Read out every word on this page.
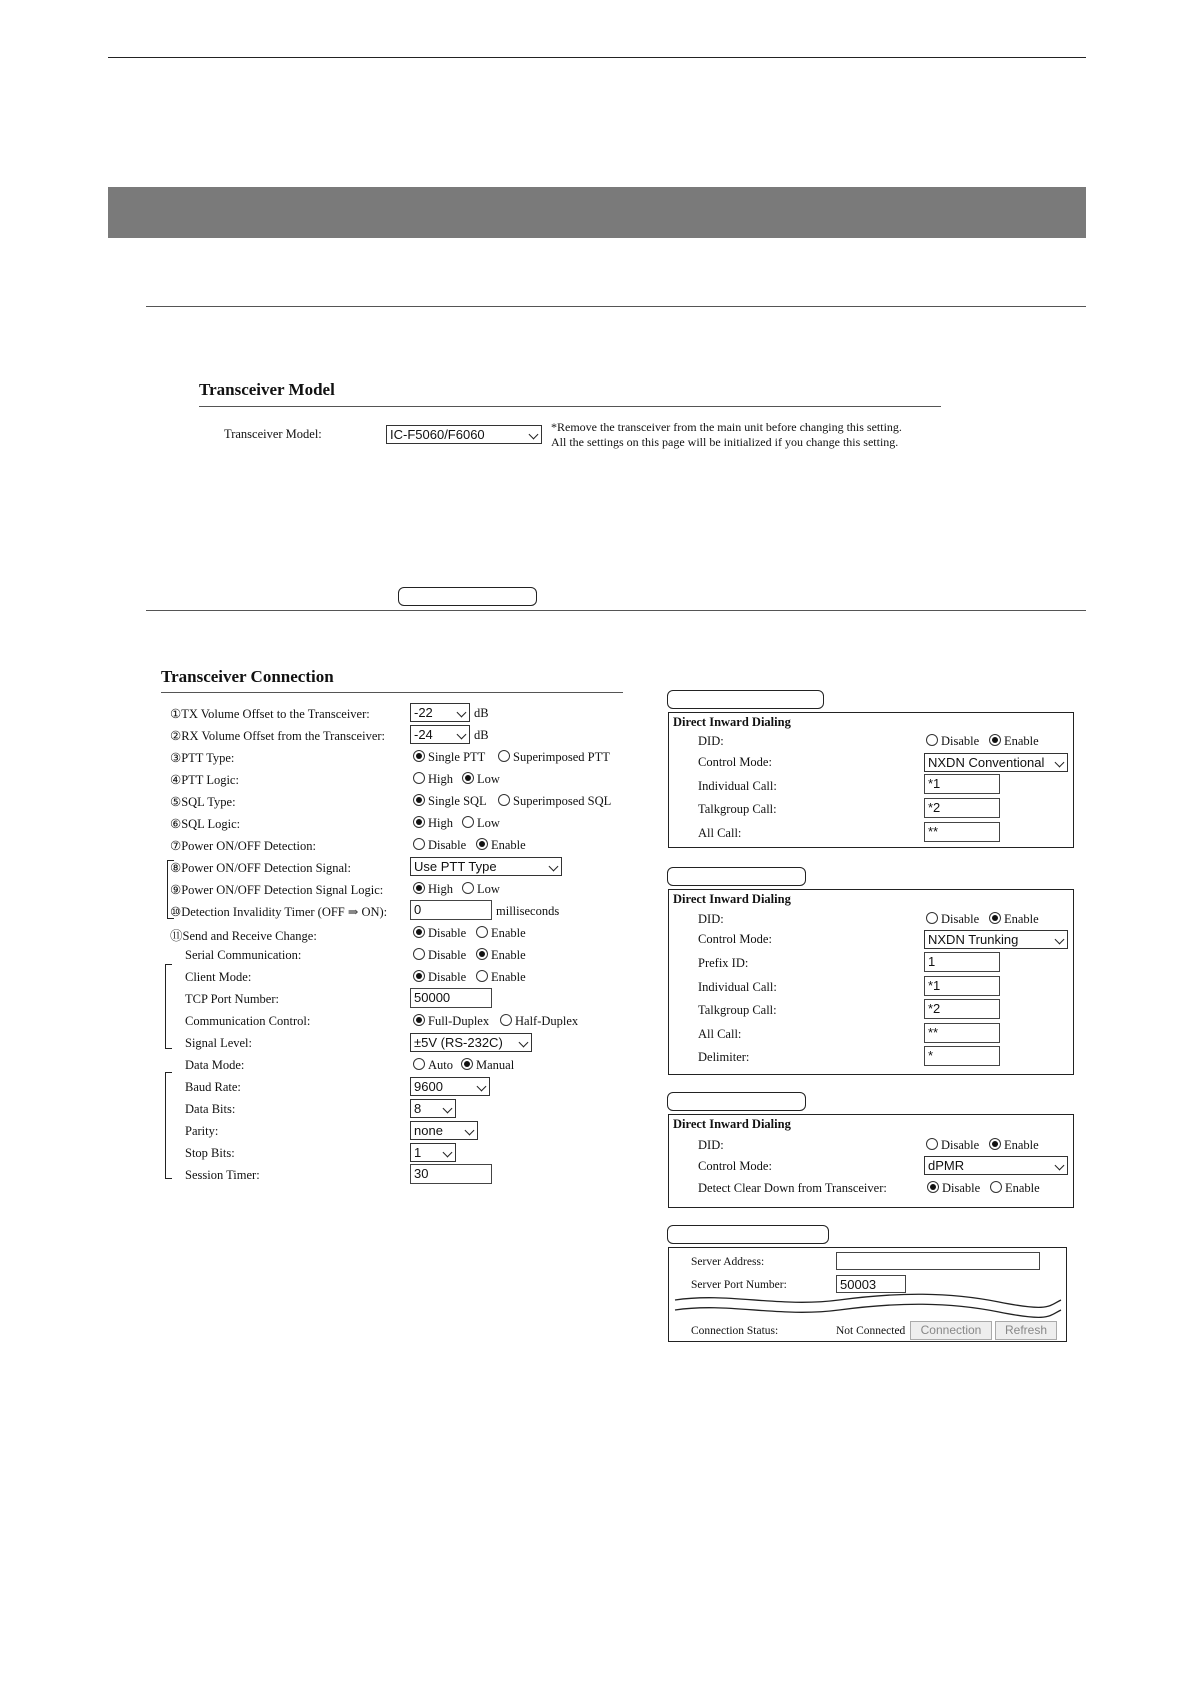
Transceiver Model
Transceiver Model:	IC-F5060/F6060	*Remove the transceiver from the main unit before changing this setting.
All the settings on this page will be initialized if you change this setting.
Transceiver Connection
①TX Volume Offset to the Transceiver:	-22	dB
②RX Volume Offset from the Transceiver:	-24	dB
③PTT Type:	Single PTT	Superimposed PTT
④PTT Logic:	High	Low
⑤SQL Type:	Single SQL	Superimposed SQL
⑥SQL Logic:	High	Low
⑦Power ON/OFF Detection:	Disable	Enable
⑧Power ON/OFF Detection Signal:	Use PTT Type
⑨Power ON/OFF Detection Signal Logic:	High	Low
⑩Detection Invalidity Timer (OFF ⇒ ON):	0	milliseconds
⑪Send and Receive Change:	Disable	Enable
Serial Communication:	Disable	Enable
Client Mode:	Disable	Enable
TCP Port Number:	50000
Communication Control:	Full-Duplex	Half-Duplex
Signal Level:	±5V (RS-232C)
Data Mode:	Auto	Manual
Baud Rate:	9600
Data Bits:	8
Parity:	none
Stop Bits:	1
Session Timer:	30
Direct Inward Dialing
DID:	Disable	Enable
Control Mode:	NXDN Conventional
Individual Call:	*1
Talkgroup Call:	*2
All Call:	**
Direct Inward Dialing
DID:	Disable	Enable
Control Mode:	NXDN Trunking
Prefix ID:	1
Individual Call:	*1
Talkgroup Call:	*2
All Call:	**
Delimiter:	*
Direct Inward Dialing
DID:	Disable	Enable
Control Mode:	dPMR
Detect Clear Down from Transceiver:	Disable	Enable
Server Address:
Server Port Number:	50003
Connection Status:	Not Connected	Connection	Refresh
